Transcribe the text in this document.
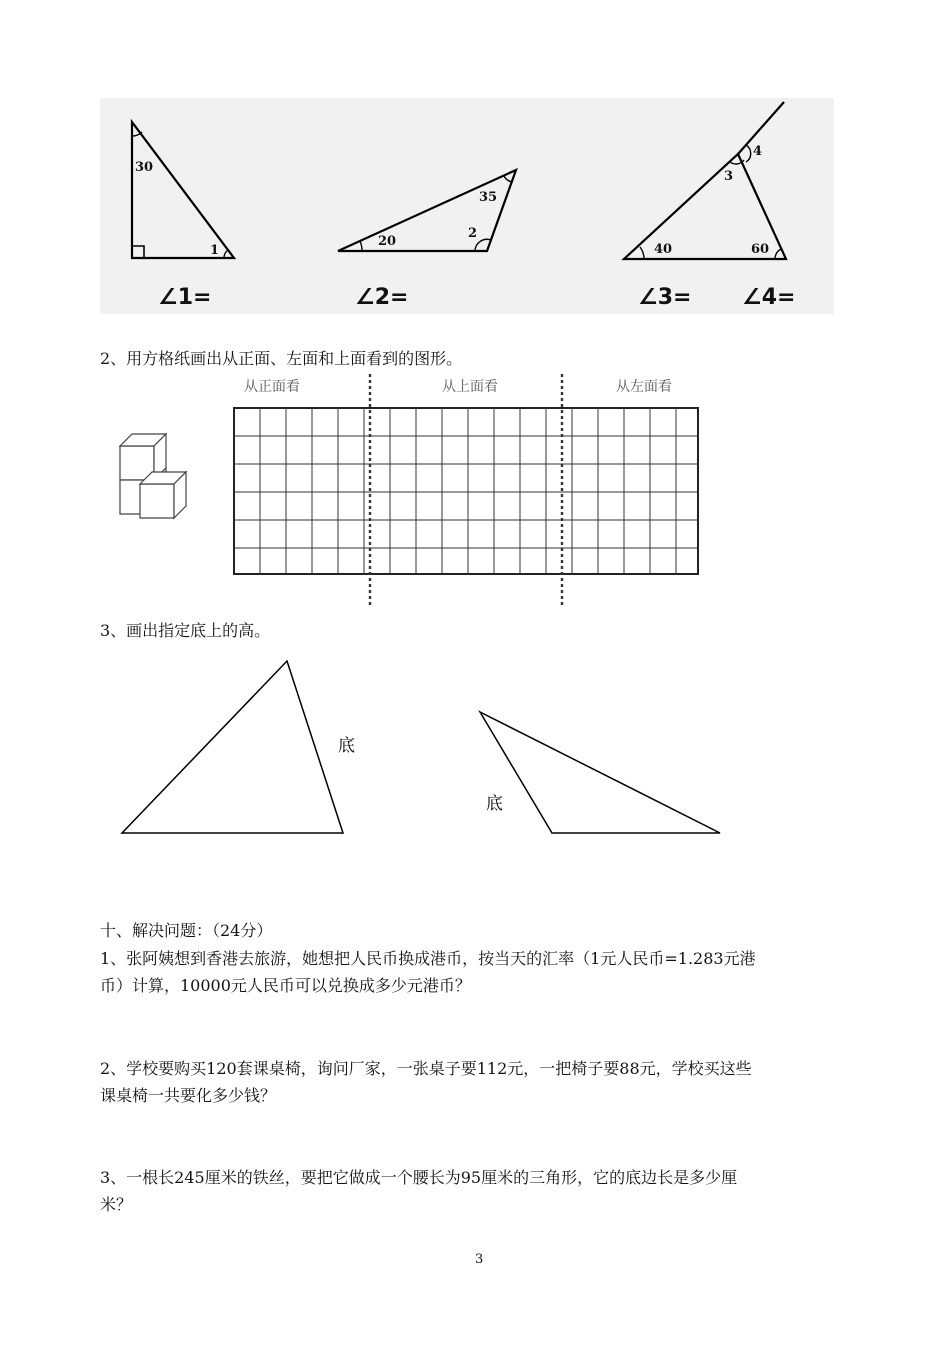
30
1
20
35
2
40	60
3
4
∠1=	∠2=	∠3= ∠4=
2、用方格纸画出从正面、左面和上面看到的图形。
从正面看	从上面看	从左面看
3、画出指定底上的高。
底
底
十、解决问题：（24分）
1、张阿姨想到香港去旅游，她想把人民币换成港币，按当天的汇率（1元人民币=1.283元港
币）计算，10000元人民币可以兑换成多少元港币？
2、学校要购买120套课桌椅，询问厂家，一张桌子要112元，一把椅子要88元，学校买这些
课桌椅一共要化多少钱？
3、一根长245厘米的铁丝，要把它做成一个腰长为95厘米的三角形，它的底边长是多少厘
米？
3
